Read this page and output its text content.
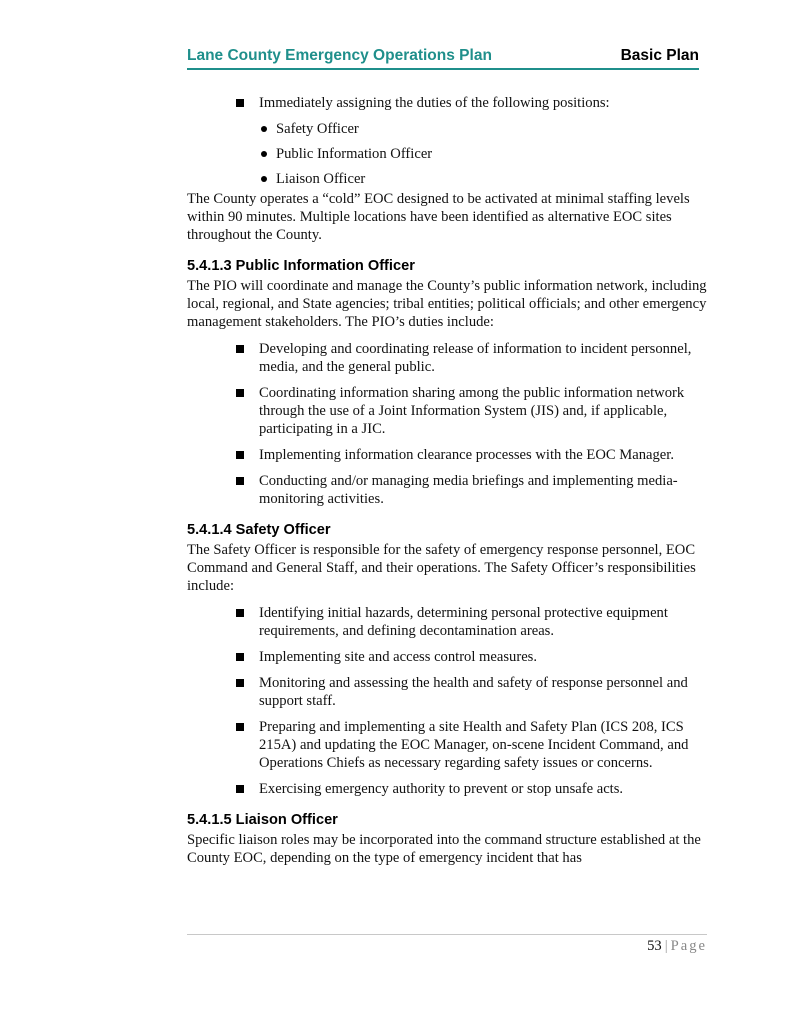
Lane County Emergency Operations Plan	Basic Plan
Immediately assigning the duties of the following positions:
Safety Officer
Public Information Officer
Liaison Officer

The County operates a “cold” EOC designed to be activated at minimal staffing levels within 90 minutes. Multiple locations have been identified as alternative EOC sites throughout the County.

5.4.1.3 Public Information Officer

The PIO will coordinate and manage the County’s public information network, including local, regional, and State agencies; tribal entities; political officials; and other emergency management stakeholders. The PIO’s duties include:

Developing and coordinating release of information to incident personnel, media, and the general public.
Coordinating information sharing among the public information network through the use of a Joint Information System (JIS) and, if applicable, participating in a JIC.
Implementing information clearance processes with the EOC Manager.
Conducting and/or managing media briefings and implementing media-monitoring activities.
5.4.1.4 Safety Officer

The Safety Officer is responsible for the safety of emergency response personnel, EOC Command and General Staff, and their operations. The Safety Officer’s responsibilities include:

Identifying initial hazards, determining personal protective equipment requirements, and defining decontamination areas.
Implementing site and access control measures.
Monitoring and assessing the health and safety of response personnel and support staff.
Preparing and implementing a site Health and Safety Plan (ICS 208, ICS 215A) and updating the EOC Manager, on-scene Incident Command, and Operations Chiefs as necessary regarding safety issues or concerns.
Exercising emergency authority to prevent or stop unsafe acts.
5.4.1.5 Liaison Officer

Specific liaison roles may be incorporated into the command structure established at the County EOC, depending on the type of emergency incident that has

53 | Page
